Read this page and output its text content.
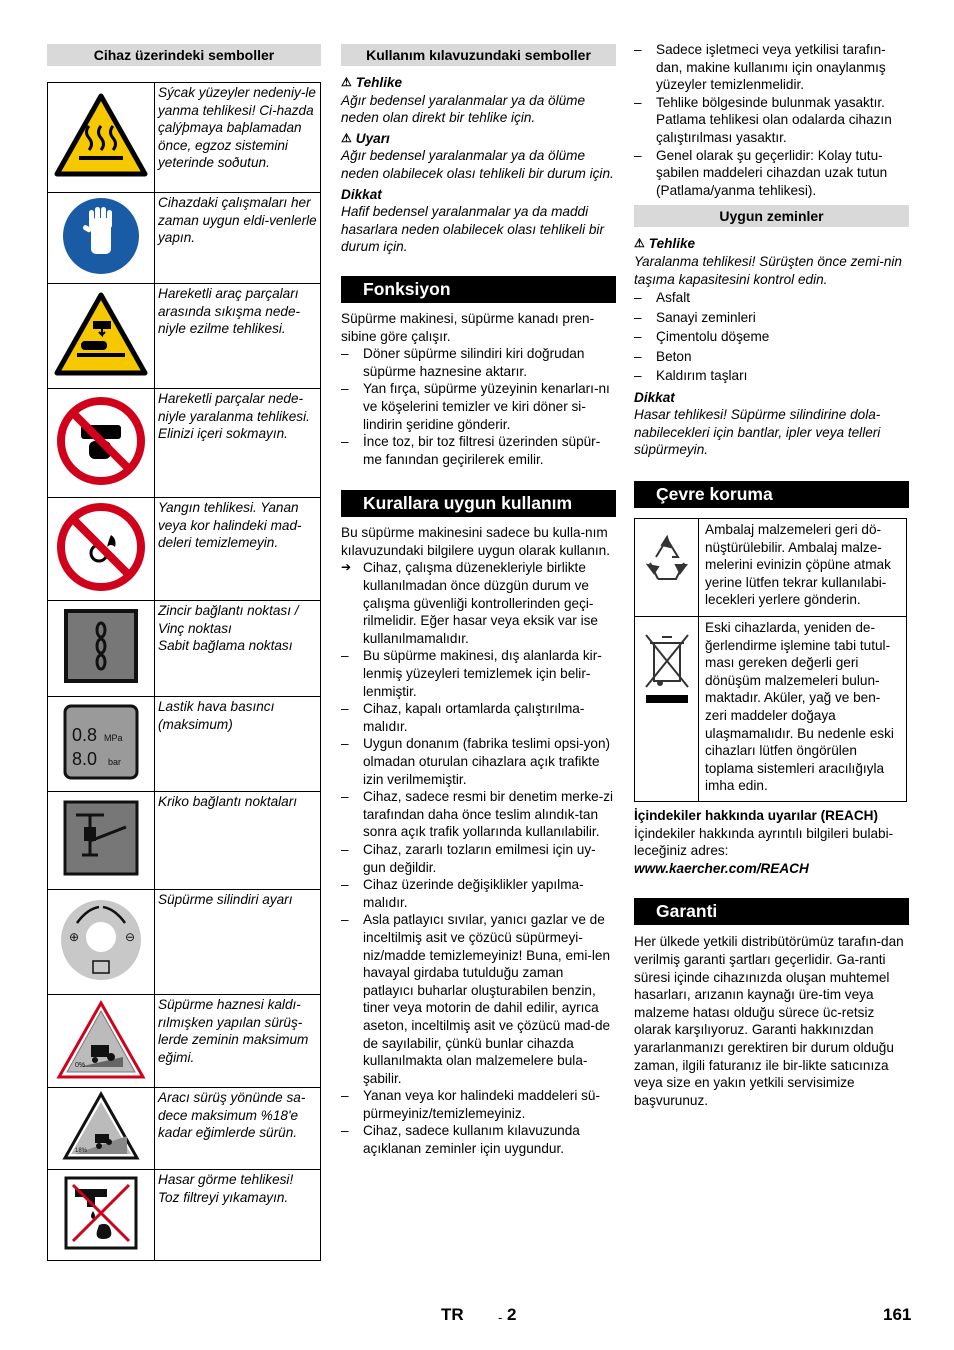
Cihaz üzerindeki semboller
	Sýcak yüzeyler nedeniy-le yanma tehlikesi! Ci-hazda çalýþmaya baþlamadan önce, egzoz sistemini yeterinde soðutun.
	Cihazdaki çalışmaları her zaman uygun eldi-venlerle yapın.
	Hareketli araç parçaları arasında sıkışma nede-niyle ezilme tehlikesi.
	Hareketli parçalar nede-niyle yaralanma tehlikesi. Elinizi içeri sokmayın.
	Yangın tehlikesi. Yanan veya kor halindeki mad-deleri temizlemeyin.
	Zincir bağlantı noktası / Vinç noktası
Sabit bağlama noktası

0.8 MPa
8.0 bar	Lastik hava basıncı (maksimum)
	Kriko bağlantı noktaları

⊕ ⊖	Süpürme silindiri ayarı

0%	Süpürme haznesi kaldı-rılmışken yapılan sürüş-lerde zeminin maksimum eğimi.

18%	Aracı sürüş yönünde sa-dece maksimum %18'e kadar eğimlerde sürün.
	Hasar görme tehlikesi! Toz filtreyi yıkamayın.
Kullanım kılavuzundaki semboller
⚠ Tehlike

Ağır bedensel yaralanmalar ya da ölüme neden olan direkt bir tehlike için.

⚠ Uyarı

Ağır bedensel yaralanmalar ya da ölüme neden olabilecek olası tehlikeli bir durum için.

Dikkat

Hafif bedensel yaralanmalar ya da maddi hasarlara neden olabilecek olası tehlikeli bir durum için.

Fonksiyon

Süpürme makinesi, süpürme kanadı pren-sibine göre çalışır.

– Döner süpürme silindiri kiri doğrudan süpürme haznesine aktarır.
– Yan fırça, süpürme yüzeyinin kenarları-nı ve köşelerini temizler ve kiri döner si-lindirin şeridine gönderir.
– İnce toz, bir toz filtresi üzerinden süpür-me fanından geçirilerek emilir.
Kurallara uygun kullanım

Bu süpürme makinesini sadece bu kulla-nım kılavuzundaki bilgilere uygun olarak kullanın.

➔ Cihaz, çalışma düzenekleriyle birlikte kullanılmadan önce düzgün durum ve çalışma güvenliği kontrollerinden geçi-rilmelidir. Eğer hasar veya eksik var ise kullanılmamalıdır.
– Bu süpürme makinesi, dış alanlarda kir-lenmiş yüzeyleri temizlemek için belir-lenmiştir.
– Cihaz, kapalı ortamlarda çalıştırılma-malıdır.
– Uygun donanım (fabrika teslimi opsi-yon) olmadan oturulan cihazlara açık trafikte izin verilmemiştir.
– Cihaz, sadece resmi bir denetim merke-zi tarafından daha önce teslim alındık-tan sonra açık trafik yollarında kullanılabilir.
– Cihaz, zararlı tozların emilmesi için uy-gun değildir.
– Cihaz üzerinde değişiklikler yapılma-malıdır.
– Asla patlayıcı sıvılar, yanıcı gazlar ve de inceltilmiş asit ve çözücü süpürmeyi-niz/madde temizlemeyiniz! Buna, emi-len havayal girdaba tutulduğu zaman patlayıcı buharlar oluşturabilen benzin, tiner veya motorin de dahil edilir, ayrıca aseton, inceltilmiş asit ve çözücü mad-de de sayılabilir, çünkü bunlar cihazda kullanılmakta olan malzemelere bula-şabilir.
– Yanan veya kor halindeki maddeleri sü-pürmeyiniz/temizlemeyiniz.
– Cihaz, sadece kullanım kılavuzunda açıklanan zeminler için uygundur.
– Sadece işletmeci veya yetkilisi tarafın-dan, makine kullanımı için onaylanmış yüzeyler temizlenmelidir.
– Tehlike bölgesinde bulunmak yasaktır. Patlama tehlikesi olan odalarda cihazın çalıştırılması yasaktır.
– Genel olarak şu geçerlidir: Kolay tutu-şabilen maddeleri cihazdan uzak tutun (Patlama/yanma tehlikesi).
Uygun zeminler
⚠ Tehlike

Yaralanma tehlikesi! Sürüşten önce zemi-nin taşıma kapasitesini kontrol edin.

– Asfalt
– Sanayi zeminleri
– Çimentolu döşeme
– Beton
– Kaldırım taşları
Dikkat

Hasar tehlikesi! Süpürme silindirine dola-nabilecekleri için bantlar, ipler veya telleri süpürmeyin.

Çevre koruma
	Ambalaj malzemeleri geri dö-nüştürülebilir. Ambalaj malze-melerini evinizin çöpüne atmak yerine lütfen tekrar kullanılabi-lecekleri yerlere gönderin.
	Eski cihazlarda, yeniden de-ğerlendirme işlemine tabi tutul-ması gereken değerli geri dönüşüm malzemeleri bulun-maktadır. Aküler, yağ ve ben-zeri maddeler doğaya ulaşmamalıdır. Bu nedenle eski cihazları lütfen öngörülen toplama sistemleri aracılığıyla imha edin.
İçindekiler hakkında uyarılar (REACH)

İçindekiler hakkında ayrıntılı bilgileri bulabi-leceğiniz adres:

www.kaercher.com/REACH
Garanti

Her ülkede yetkili distribütörümüz tarafın-dan verilmiş garanti şartları geçerlidir. Ga-ranti süresi içinde cihazınızda oluşan muhtemel hasarları, arızanın kaynağı üre-tim veya malzeme hatası olduğu sürece üc-retsiz olarak karşılıyoruz. Garanti hakkınızdan yararlanmanızı gerektiren bir durum olduğu zaman, ilgili faturanız ile bir-likte satıcınıza veya size en yakın yetkili servisimize başvurunuz.

TR	- 2	161
